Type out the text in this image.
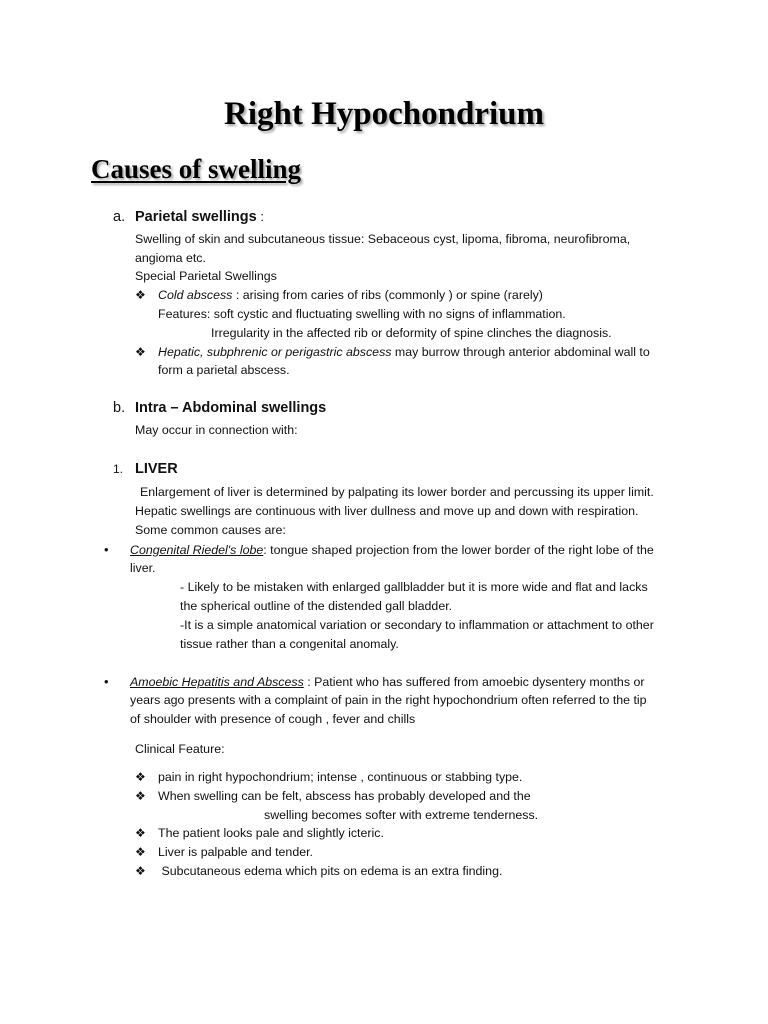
Right Hypochondrium
Causes of swelling
a. Parietal swellings :
Swelling of skin and subcutaneous tissue: Sebaceous cyst, lipoma, fibroma, neurofibroma,
angioma etc.
Special Parietal Swellings
❖ Cold abscess : arising from caries of ribs (commonly ) or spine (rarely)
Features: soft cystic and fluctuating swelling with no signs of inflammation.
Irregularity in the affected rib or deformity of spine clinches the diagnosis.
❖ Hepatic, subphrenic or perigastric abscess may burrow through anterior abdominal wall to
form a parietal abscess.
b. Intra – Abdominal swellings
May occur in connection with:
1. LIVER
Enlargement of liver is determined by palpating its lower border and percussing its upper limit.
Hepatic swellings are continuous with liver dullness and move up and down with respiration.
Some common causes are:
• Congenital Riedel's lobe: tongue shaped projection from the lower border of the right lobe of the
liver.
- Likely to be mistaken with enlarged gallbladder but it is more wide and flat and lacks
the spherical outline of the distended gall bladder.
-It is a simple anatomical variation or secondary to inflammation or attachment to other
tissue rather than a congenital anomaly.
• Amoebic Hepatitis and Abscess : Patient who has suffered from amoebic dysentery months or
years ago presents with a complaint of pain in the right hypochondrium often referred to the tip
of shoulder with presence of cough , fever and chills
Clinical Feature:
❖ pain in right hypochondrium; intense , continuous or stabbing type.
❖ When swelling can be felt, abscess has probably developed and the
swelling becomes softer with extreme tenderness.
❖ The patient looks pale and slightly icteric.
❖ Liver is palpable and tender.
❖ Subcutaneous edema which pits on edema is an extra finding.
